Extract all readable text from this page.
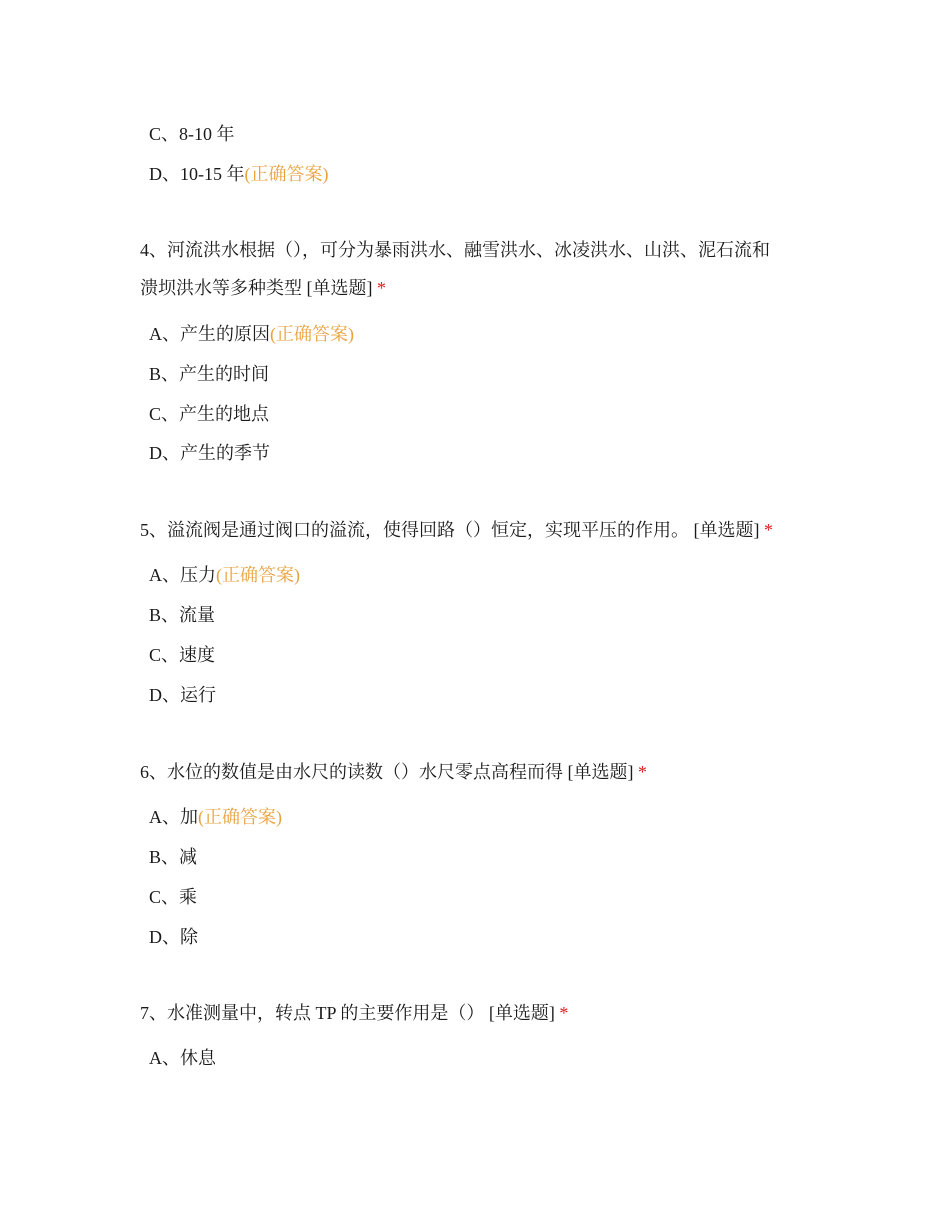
C、8-10 年
D、10-15 年(正确答案)
4、河流洪水根据（），可分为暴雨洪水、融雪洪水、冰凌洪水、山洪、泥石流和
溃坝洪水等多种类型 [单选题] *
A、产生的原因(正确答案)
B、产生的时间
C、产生的地点
D、产生的季节
5、溢流阀是通过阀口的溢流，使得回路（）恒定，实现平压的作用。 [单选题] *
A、压力(正确答案)
B、流量
C、速度
D、运行
6、水位的数值是由水尺的读数（）水尺零点高程而得 [单选题] *
A、加(正确答案)
B、减
C、乘
D、除
7、水准测量中，转点 TP 的主要作用是（） [单选题] *
A、休息
